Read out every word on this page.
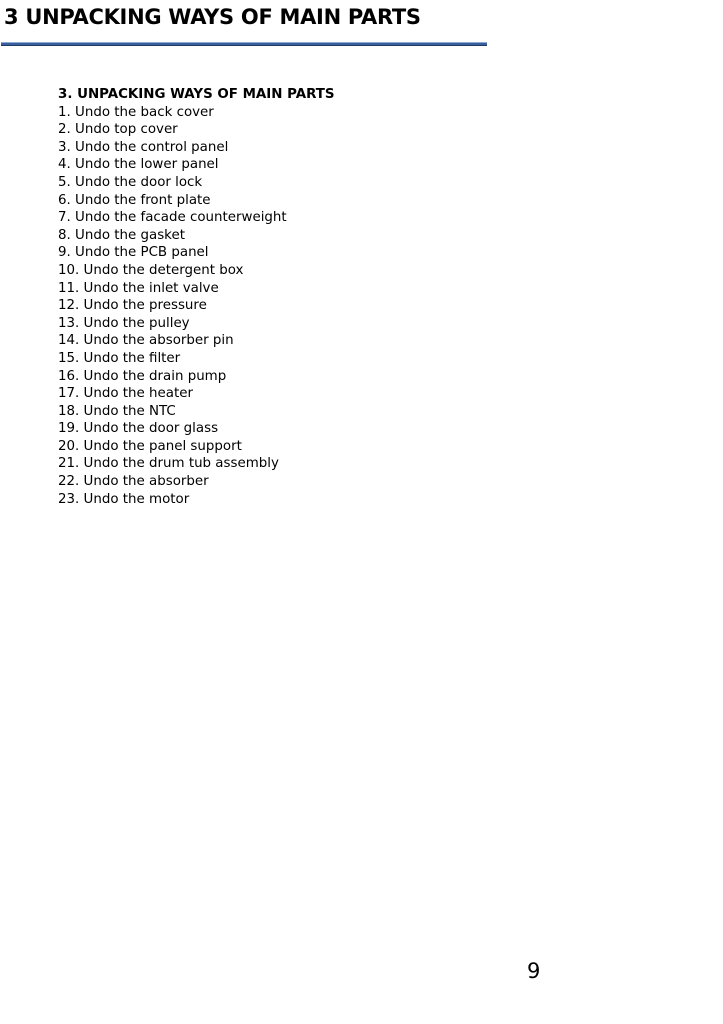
3 UNPACKING WAYS OF MAIN PARTS

3. UNPACKING WAYS OF MAIN PARTS

1. Undo the back cover
2. Undo top cover
3. Undo the control panel
4. Undo the lower panel
5. Undo the door lock
6. Undo the front plate
7. Undo the facade counterweight
8. Undo the gasket
9. Undo the PCB panel
10. Undo the detergent box
11. Undo the inlet valve
12. Undo the pressure
13. Undo the pulley
14. Undo the absorber pin
15. Undo the filter
16. Undo the drain pump
17. Undo the heater
18. Undo the NTC
19. Undo the door glass
20. Undo the panel support
21. Undo the drum tub assembly
22. Undo the absorber
23. Undo the motor
9
